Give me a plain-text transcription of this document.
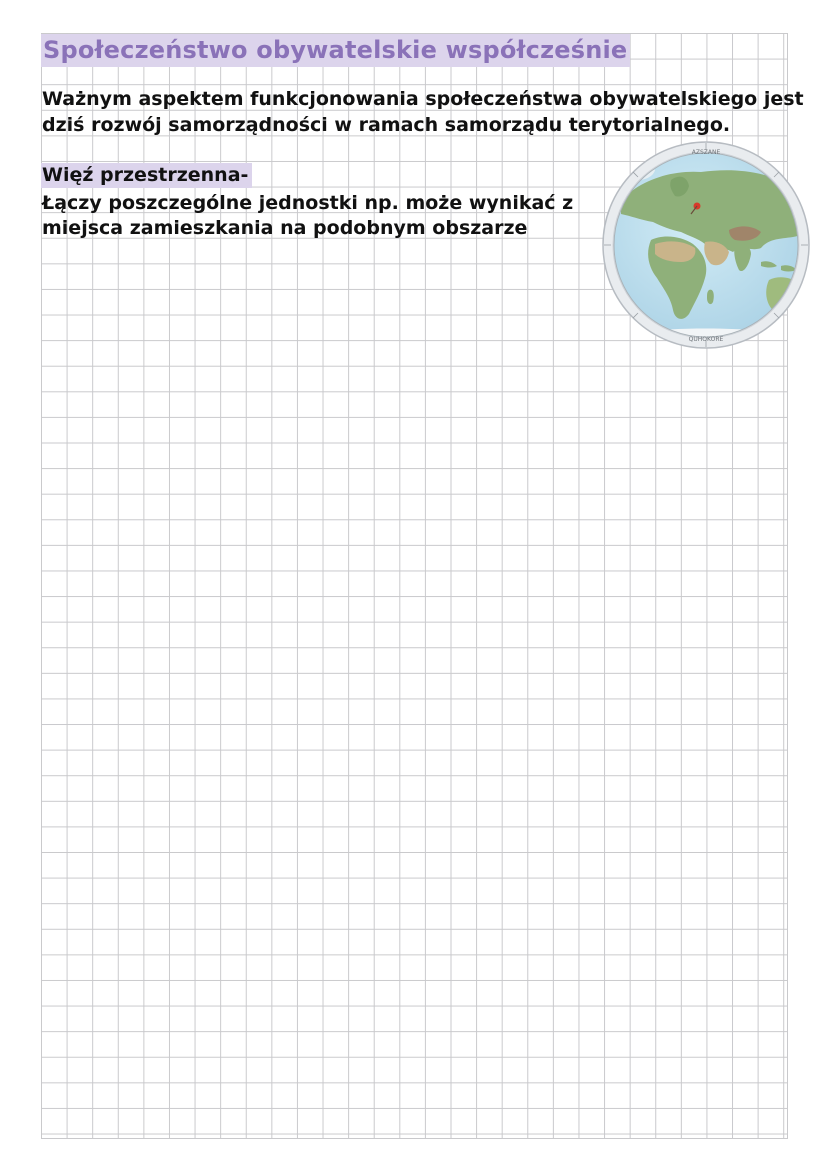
Społeczeństwo obywatelskie współcześnie
Ważnym aspektem funkcjonowania społeczeństwa obywatelskiego jest
dziś rozwój samorządności w ramach samorządu terytorialnego.
Więź przestrzenna-
Łączy poszczególne jednostki np. może wynikać z
miejsca zamieszkania na podobnym obszarze
AZSZANE
QUHOKORE
